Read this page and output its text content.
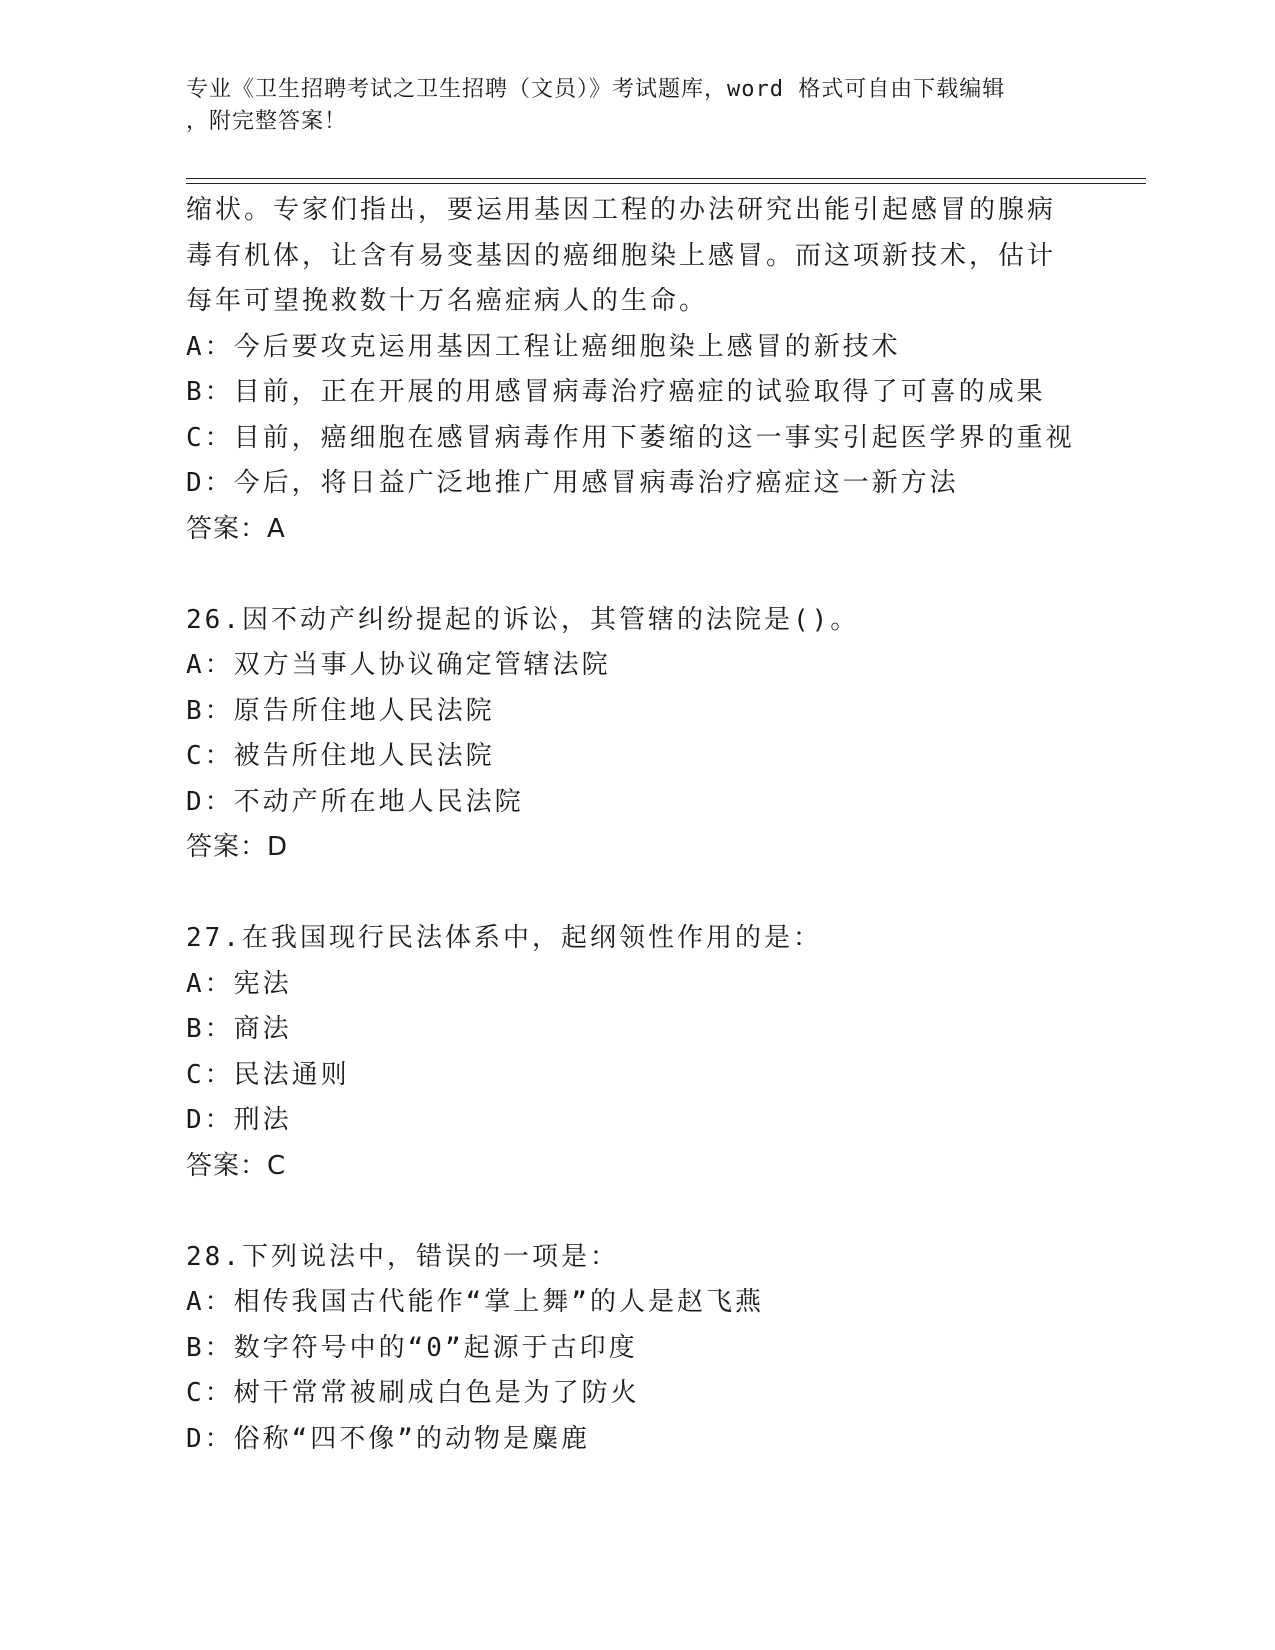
专业《卫生招聘考试之卫生招聘（文员）》考试题库，word 格式可自由下载编辑
，附完整答案！
缩状。专家们指出，要运用基因工程的办法研究出能引起感冒的腺病
毒有机体，让含有易变基因的癌细胞染上感冒。而这项新技术，估计
每年可望挽救数十万名癌症病人的生命。
A：今后要攻克运用基因工程让癌细胞染上感冒的新技术
B：目前，正在开展的用感冒病毒治疗癌症的试验取得了可喜的成果
C：目前，癌细胞在感冒病毒作用下萎缩的这一事实引起医学界的重视
D：今后，将日益广泛地推广用感冒病毒治疗癌症这一新方法
答案：A
26.因不动产纠纷提起的诉讼，其管辖的法院是()。
A：双方当事人协议确定管辖法院
B：原告所住地人民法院
C：被告所住地人民法院
D：不动产所在地人民法院
答案：D
27.在我国现行民法体系中，起纲领性作用的是：
A：宪法
B：商法
C：民法通则
D：刑法
答案：C
28.下列说法中，错误的一项是：
A：相传我国古代能作“掌上舞”的人是赵飞燕
B：数字符号中的“0”起源于古印度
C：树干常常被刷成白色是为了防火
D：俗称“四不像”的动物是麋鹿
